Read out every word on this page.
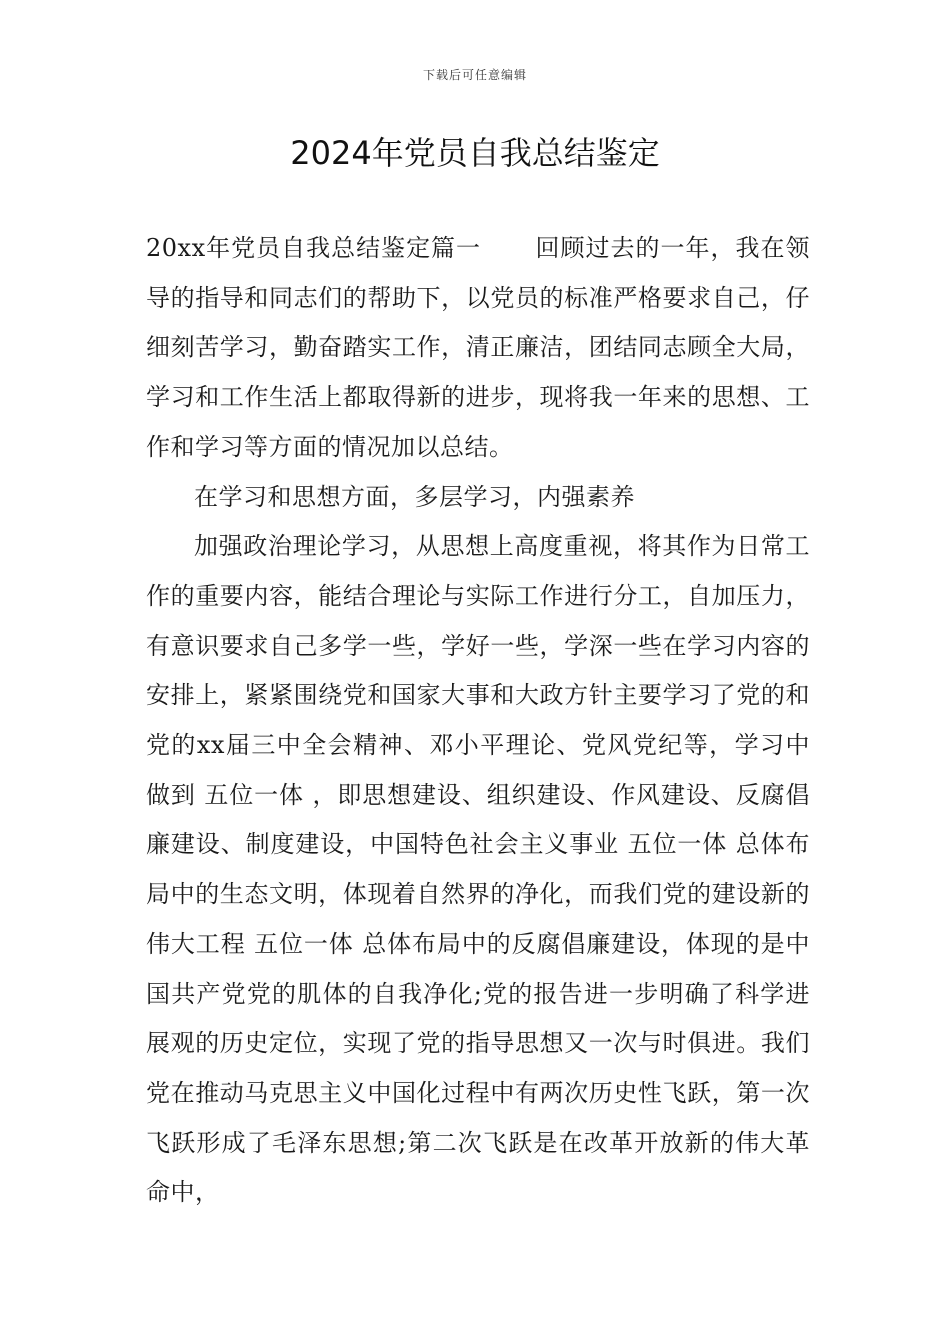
下载后可任意编辑
2024年党员自我总结鉴定

20xx年党员自我总结鉴定篇一 回顾过去的一年，我在领导的指导和同志们的帮助下，以党员的标准严格要求自己，仔细刻苦学习，勤奋踏实工作，清正廉洁，团结同志顾全大局，学习和工作生活上都取得新的进步，现将我一年来的思想、工作和学习等方面的情况加以总结。

在学习和思想方面，多层学习，内强素养

加强政治理论学习，从思想上高度重视，将其作为日常工作的重要内容，能结合理论与实际工作进行分工，自加压力，有意识要求自己多学一些，学好一些，学深一些在学习内容的安排上，紧紧围绕党和国家大事和大政方针主要学习了党的和党的xx届三中全会精神、邓小平理论、党风党纪等，学习中做到 五位一体 ，即思想建设、组织建设、作风建设、反腐倡廉建设、制度建设，中国特色社会主义事业 五位一体 总体布局中的生态文明，体现着自然界的净化，而我们党的建设新的伟大工程 五位一体 总体布局中的反腐倡廉建设，体现的是中国共产党党的肌体的自我净化;党的报告进一步明确了科学进展观的历史定位，实现了党的指导思想又一次与时俱进。我们党在推动马克思主义中国化过程中有两次历史性飞跃，第一次飞跃形成了毛泽东思想;第二次飞跃是在改革开放新的伟大革命中，
